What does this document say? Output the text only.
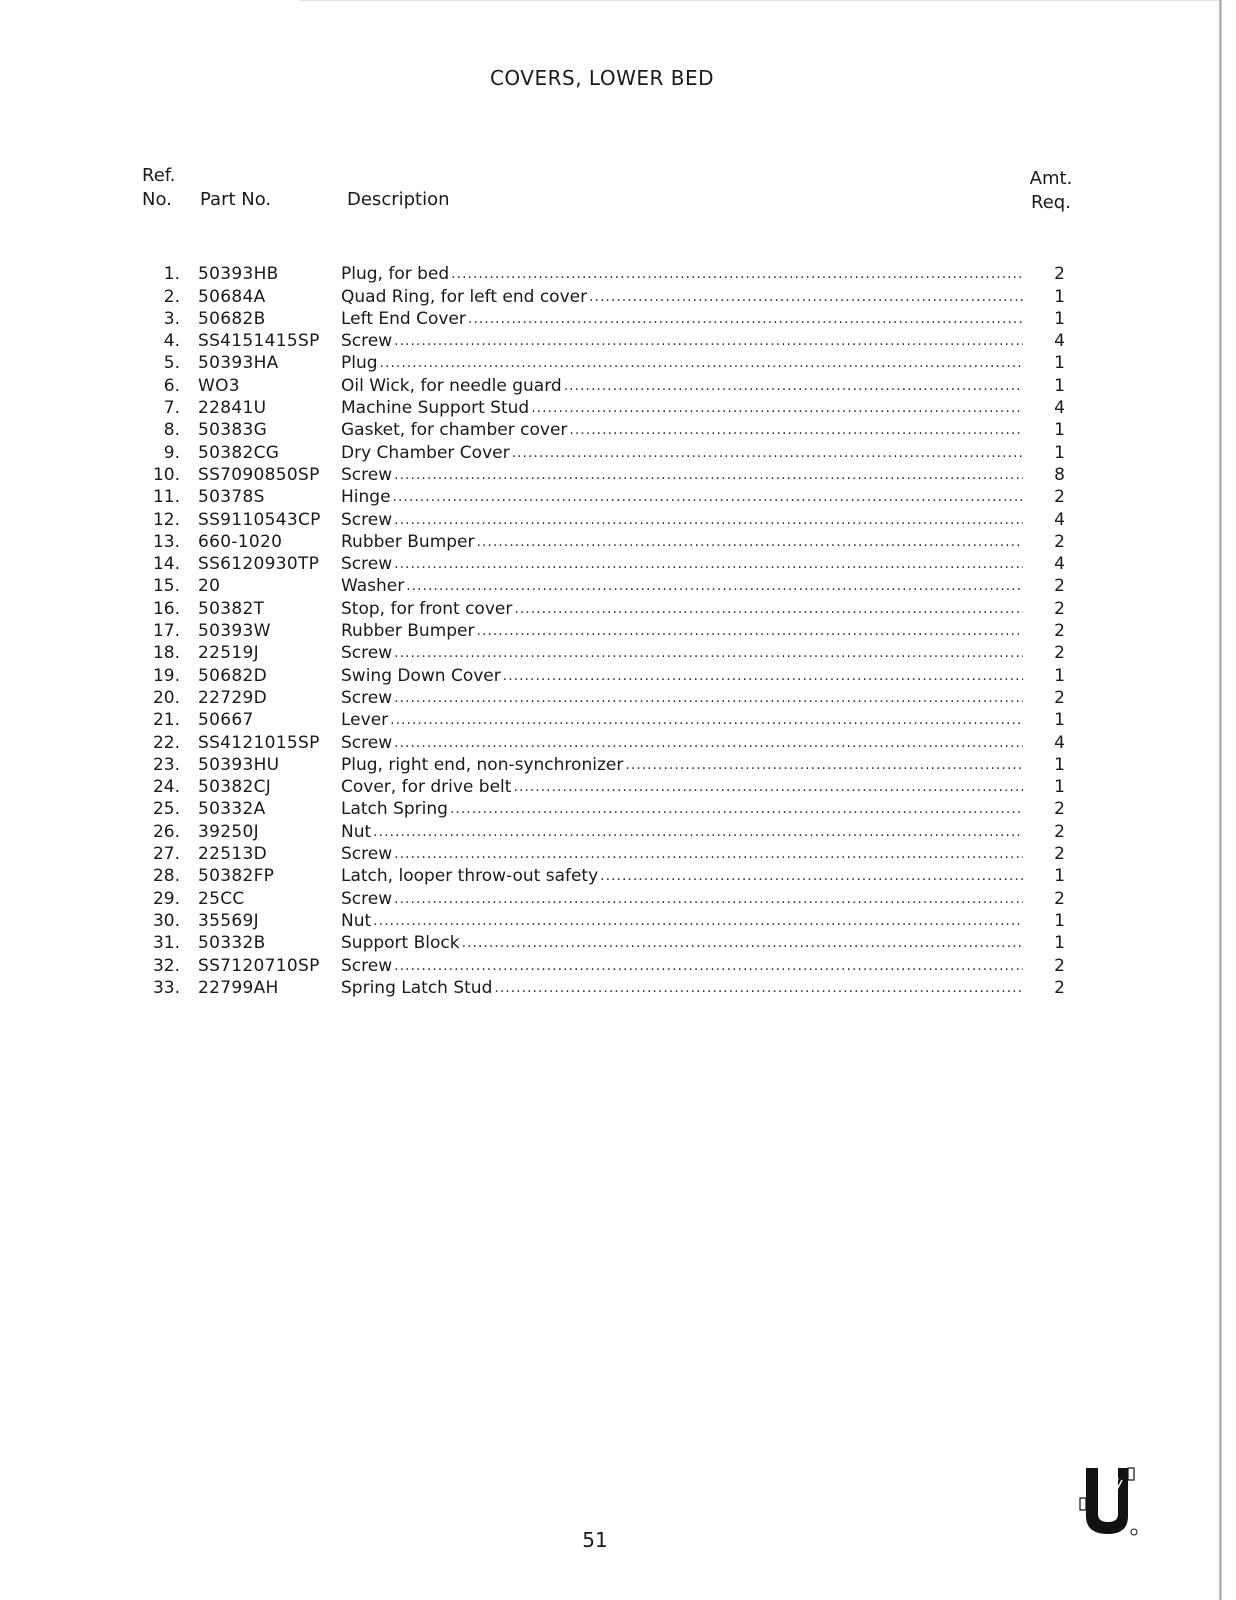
COVERS, LOWER BED
Ref.
No.	Part No.	Description
Amt.
Req.
1.	50393HB	Plug, for bed .....	2
2.	50684A	Quad Ring, for left end cover .....	1
3.	50682B	Left End Cover .....	1
4.	SS4151415SP	Screw .....	4
5.	50393HA	Plug .....	1
6.	WO3	Oil Wick, for needle guard .....	1
7.	22841U	Machine Support Stud .....	4
8.	50383G	Gasket, for chamber cover .....	1
9.	50382CG	Dry Chamber Cover .....	1
10.	SS7090850SP	Screw .....	8
11.	50378S	Hinge .....	2
12.	SS9110543CP	Screw .....	4
13.	660-1020	Rubber Bumper .....	2
14.	SS6120930TP	Screw .....	4
15.	20	Washer .....	2
16.	50382T	Stop, for front cover .....	2
17.	50393W	Rubber Bumper .....	2
18.	22519J	Screw .....	2
19.	50682D	Swing Down Cover .....	1
20.	22729D	Screw .....	2
21.	50667	Lever .....	1
22.	SS4121015SP	Screw .....	4
23.	50393HU	Plug, right end, non-synchronizer .....	1
24.	50382CJ	Cover, for drive belt .....	1
25.	50332A	Latch Spring .....	2
26.	39250J	Nut .....	2
27.	22513D	Screw .....	2
28.	50382FP	Latch, looper throw-out safety .....	1
29.	25CC	Screw .....	2
30.	35569J	Nut .....	1
31.	50332B	Support Block .....	1
32.	SS7120710SP	Screw .....	2
33.	22799AH	Spring Latch Stud .....	2
51
